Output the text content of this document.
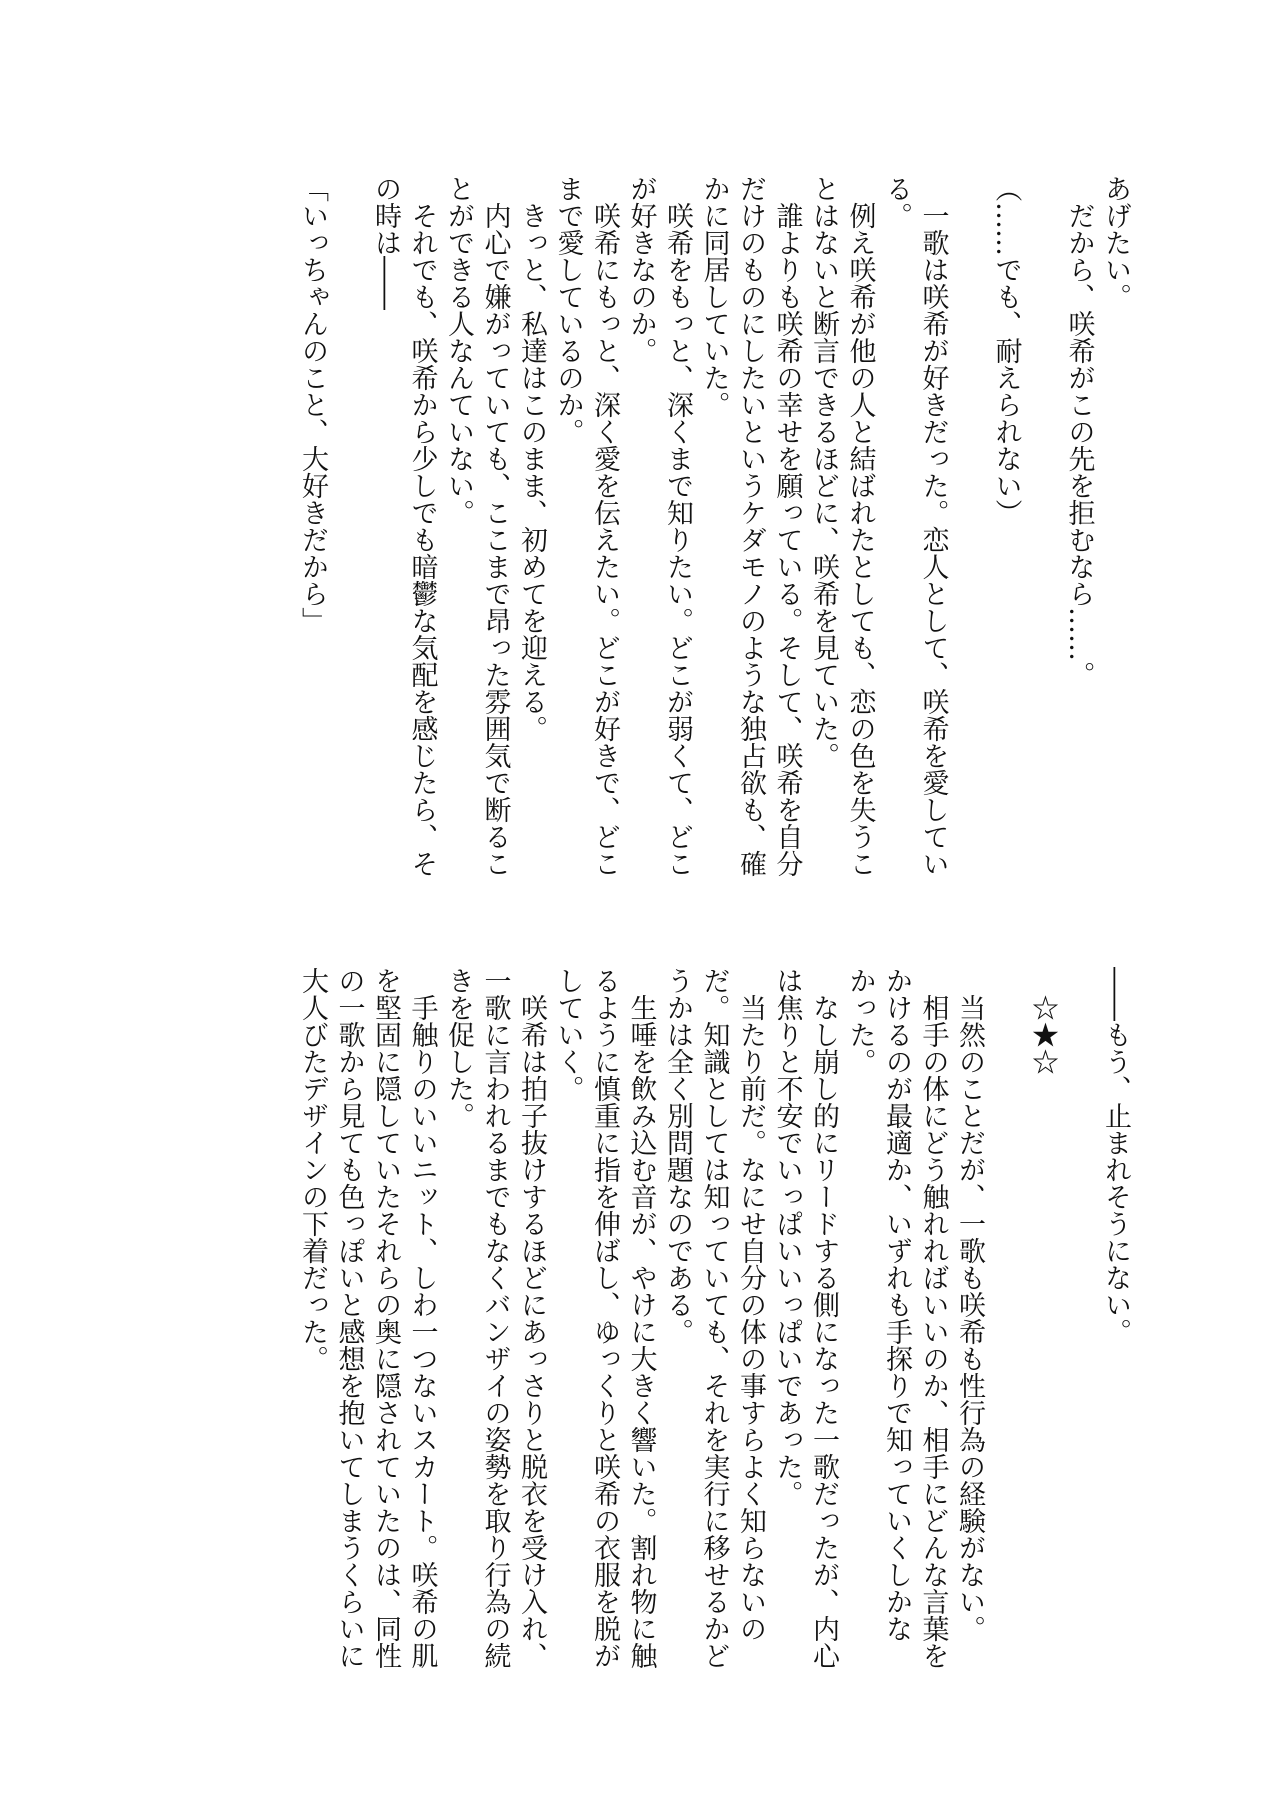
あげたい。
　だから、咲希がこの先を拒むなら……。
（……でも、耐えられない）
　一歌は咲希が好きだった。恋人として、咲希を愛してい
る。
　例え咲希が他の人と結ばれたとしても、恋の色を失うこ
とはないと断言できるほどに、咲希を見ていた。
　誰よりも咲希の幸せを願っている。そして、咲希を自分
だけのものにしたいというケダモノのような独占欲も、確
かに同居していた。
　咲希をもっと、深くまで知りたい。どこが弱くて、どこ
が好きなのか。
　咲希にもっと、深く愛を伝えたい。どこが好きで、どこ
まで愛しているのか。
　きっと、私達はこのまま、初めてを迎える。
　内心で嫌がっていても、ここまで昂った雰囲気で断るこ
とができる人なんていない。
　それでも、咲希から少しでも暗鬱な気配を感じたら、そ
の時は――
「いっちゃんのこと、大好きだから」
――もう、止まれそうにない。
　☆★☆
　当然のことだが、一歌も咲希も性行為の経験がない。
　相手の体にどう触れればいいのか、相手にどんな言葉を
かけるのが最適か、いずれも手探りで知っていくしかな
かった。
　なし崩し的にリードする側になった一歌だったが、内心
は焦りと不安でいっぱいいっぱいであった。
　当たり前だ。なにせ自分の体の事すらよく知らないの
だ。知識としては知っていても、それを実行に移せるかど
うかは全く別問題なのである。
　生唾を飲み込む音が、やけに大きく響いた。割れ物に触
るように慎重に指を伸ばし、ゆっくりと咲希の衣服を脱が
していく。
　咲希は拍子抜けするほどにあっさりと脱衣を受け入れ、
一歌に言われるまでもなくバンザイの姿勢を取り行為の続
きを促した。
　手触りのいいニット、しわ一つないスカート。咲希の肌
を堅固に隠していたそれらの奥に隠されていたのは、同性
の一歌から見ても色っぽいと感想を抱いてしまうくらいに
大人びたデザインの下着だった。
